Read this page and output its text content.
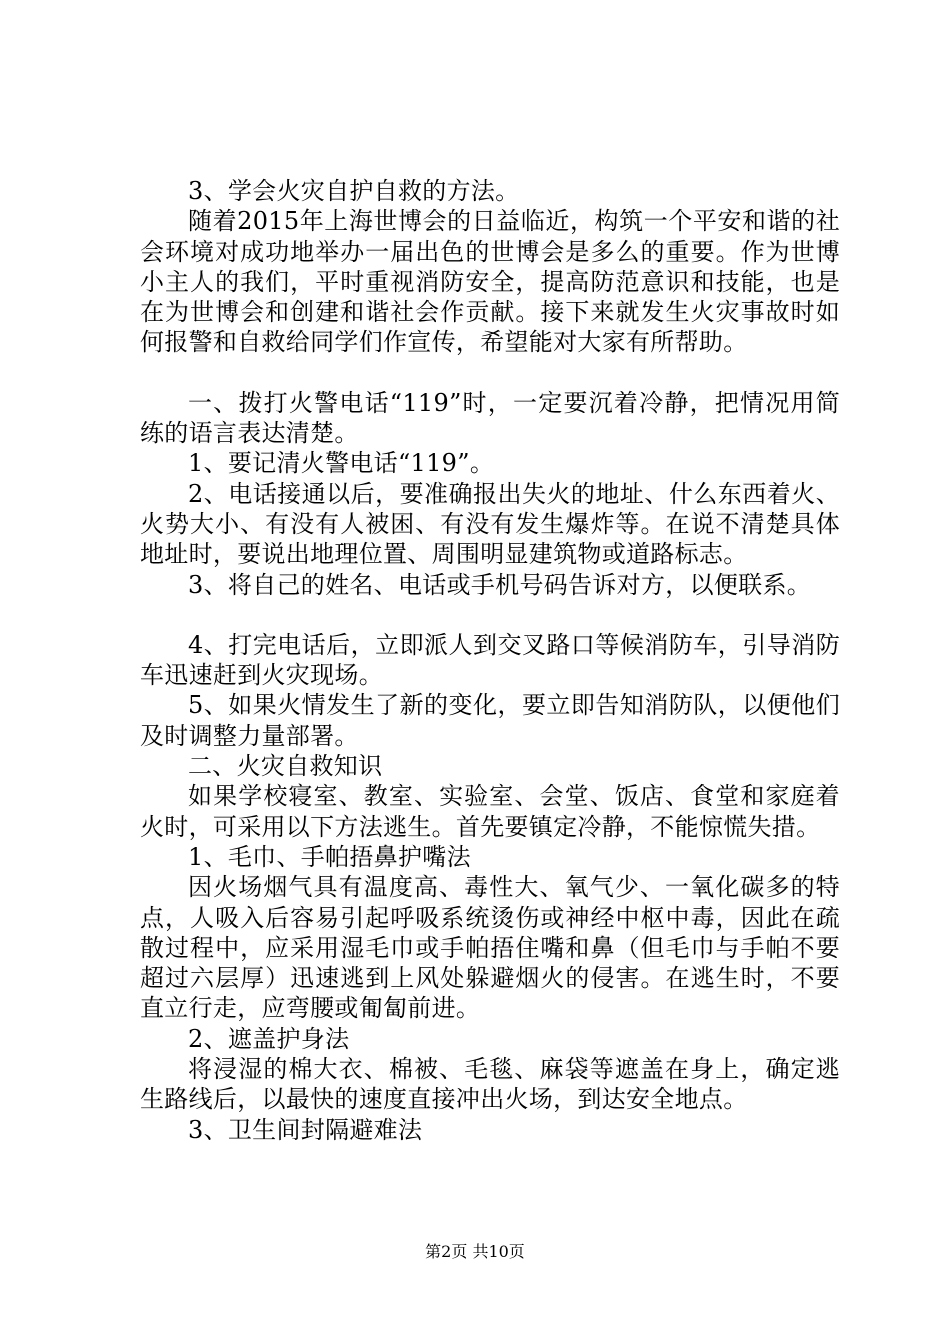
3、学会火灾自护自救的方法。

随着2015年上海世博会的日益临近，构筑一个平安和谐的社会环境对成功地举办一届出色的世博会是多么的重要。作为世博小主人的我们，平时重视消防安全，提高防范意识和技能，也是在为世博会和创建和谐社会作贡献。接下来就发生火灾事故时如何报警和自救给同学们作宣传，希望能对大家有所帮助。

一、拨打火警电话“119”时，一定要沉着冷静，把情况用简练的语言表达清楚。

1、要记清火警电话“119”。

2、电话接通以后，要准确报出失火的地址、什么东西着火、火势大小、有没有人被困、有没有发生爆炸等。在说不清楚具体地址时，要说出地理位置、周围明显建筑物或道路标志。

3、将自己的姓名、电话或手机号码告诉对方，以便联系。

4、打完电话后，立即派人到交叉路口等候消防车，引导消防车迅速赶到火灾现场。

5、如果火情发生了新的变化，要立即告知消防队，以便他们及时调整力量部署。

二、火灾自救知识

如果学校寝室、教室、实验室、会堂、饭店、食堂和家庭着火时，可采用以下方法逃生。首先要镇定冷静，不能惊慌失措。

1、毛巾、手帕捂鼻护嘴法

因火场烟气具有温度高、毒性大、氧气少、一氧化碳多的特点，人吸入后容易引起呼吸系统烫伤或神经中枢中毒，因此在疏散过程中，应采用湿毛巾或手帕捂住嘴和鼻（但毛巾与手帕不要超过六层厚）迅速逃到上风处躲避烟火的侵害。在逃生时，不要直立行走，应弯腰或匍匐前进。

2、遮盖护身法

将浸湿的棉大衣、棉被、毛毯、麻袋等遮盖在身上，确定逃生路线后，以最快的速度直接冲出火场，到达安全地点。

3、卫生间封隔避难法

第2页 共10页
